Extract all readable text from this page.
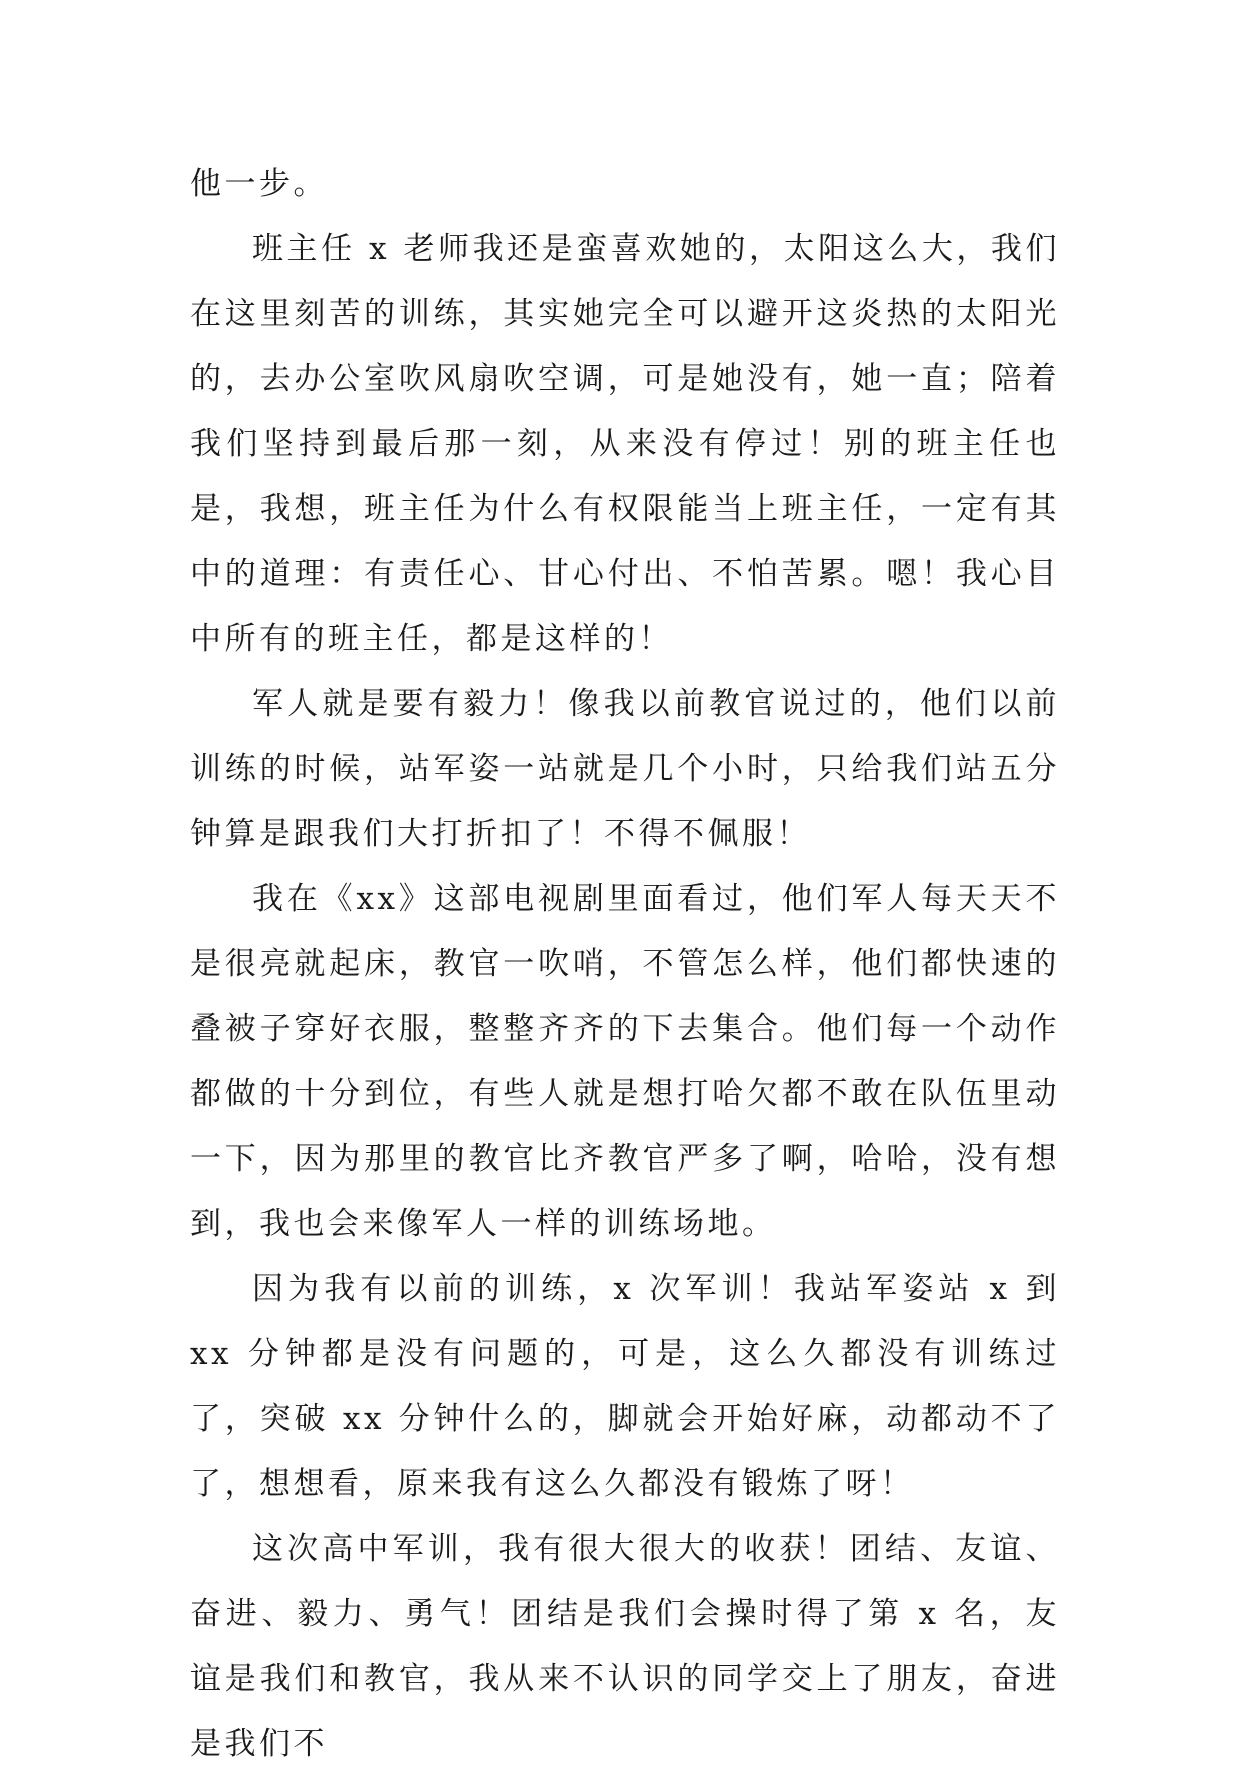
他一步。

班主任 x 老师我还是蛮喜欢她的，太阳这么大，我们在这里刻苦的训练，其实她完全可以避开这炎热的太阳光的，去办公室吹风扇吹空调，可是她没有，她一直；陪着我们坚持到最后那一刻，从来没有停过！别的班主任也是，我想，班主任为什么有权限能当上班主任，一定有其中的道理：有责任心、甘心付出、不怕苦累。嗯！我心目中所有的班主任，都是这样的！

军人就是要有毅力！像我以前教官说过的，他们以前训练的时候，站军姿一站就是几个小时，只给我们站五分钟算是跟我们大打折扣了！不得不佩服！

我在《xx》这部电视剧里面看过，他们军人每天天不是很亮就起床，教官一吹哨，不管怎么样，他们都快速的叠被子穿好衣服，整整齐齐的下去集合。他们每一个动作都做的十分到位，有些人就是想打哈欠都不敢在队伍里动一下，因为那里的教官比齐教官严多了啊，哈哈，没有想到，我也会来像军人一样的训练场地。

因为我有以前的训练，x 次军训！我站军姿站 x 到 xx 分钟都是没有问题的，可是，这么久都没有训练过了，突破 xx 分钟什么的，脚就会开始好麻，动都动不了了，想想看，原来我有这么久都没有锻炼了呀！

这次高中军训，我有很大很大的收获！团结、友谊、奋进、毅力、勇气！团结是我们会操时得了第 x 名，友谊是我们和教官，我从来不认识的同学交上了朋友，奋进是我们不
